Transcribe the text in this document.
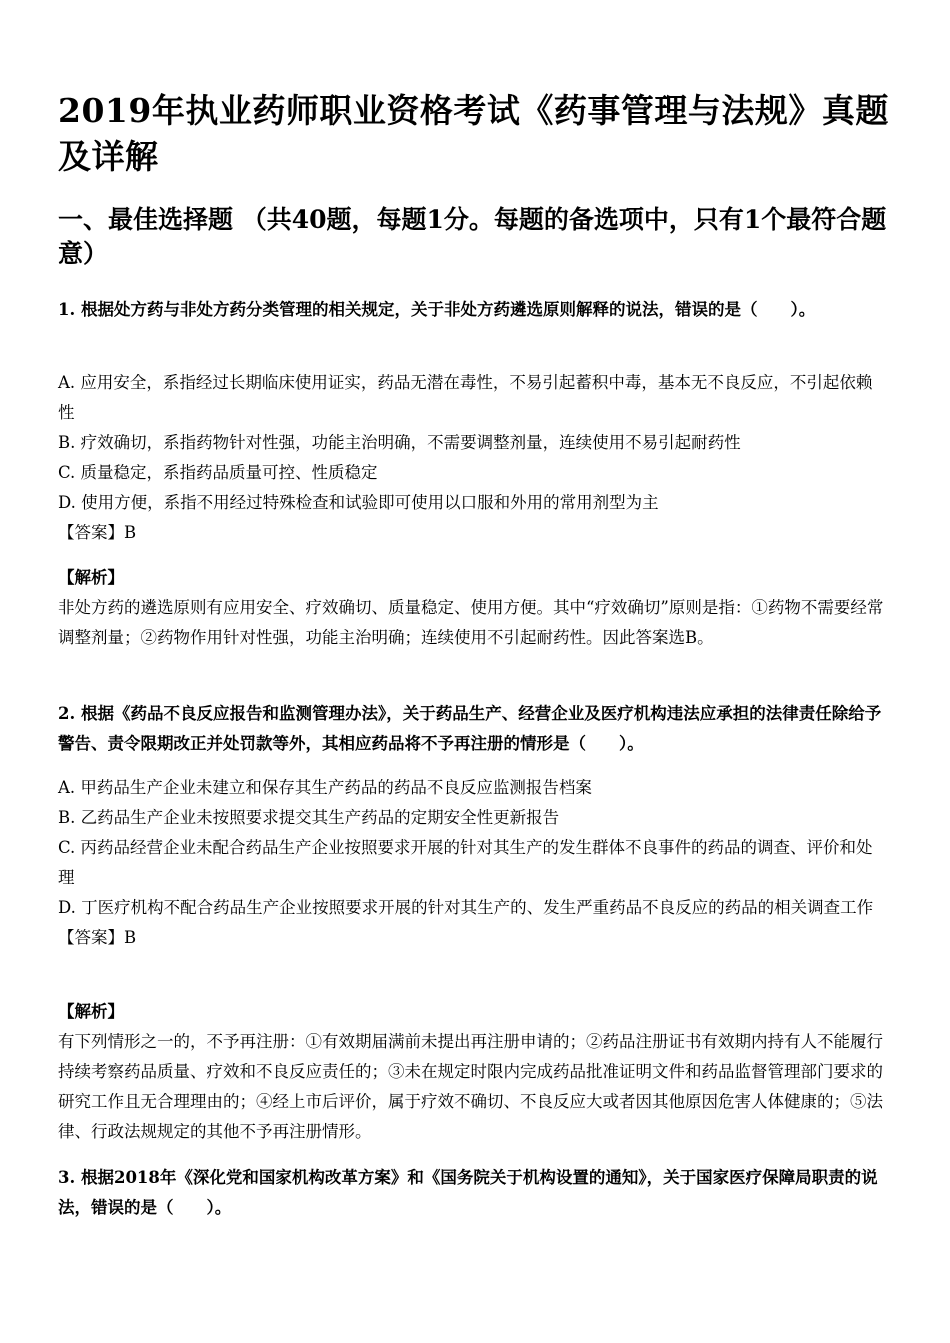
2019年执业药师职业资格考试《药事管理与法规》真题及详解
一、最佳选择题 （共40题，每题1分。每题的备选项中，只有1个最符合题意）

1. 根据处方药与非处方药分类管理的相关规定，关于非处方药遴选原则解释的说法，错误的是（　　）。

A. 应用安全，系指经过长期临床使用证实，药品无潜在毒性，不易引起蓄积中毒，基本无不良反应，不引起依赖性

B. 疗效确切，系指药物针对性强，功能主治明确，不需要调整剂量，连续使用不易引起耐药性

C. 质量稳定，系指药品质量可控、性质稳定

D. 使用方便，系指不用经过特殊检查和试验即可使用以口服和外用的常用剂型为主

【答案】B

【解析】

非处方药的遴选原则有应用安全、疗效确切、质量稳定、使用方便。其中“疗效确切”原则是指：①药物不需要经常调整剂量；②药物作用针对性强，功能主治明确；连续使用不引起耐药性。因此答案选B。

2. 根据《药品不良反应报告和监测管理办法》，关于药品生产、经营企业及医疗机构违法应承担的法律责任除给予警告、责令限期改正并处罚款等外，其相应药品将不予再注册的情形是（　　）。

A. 甲药品生产企业未建立和保存其生产药品的药品不良反应监测报告档案

B. 乙药品生产企业未按照要求提交其生产药品的定期安全性更新报告

C. 丙药品经营企业未配合药品生产企业按照要求开展的针对其生产的发生群体不良事件的药品的调查、评价和处理

D. 丁医疗机构不配合药品生产企业按照要求开展的针对其生产的、发生严重药品不良反应的药品的相关调查工作

【答案】B

【解析】

有下列情形之一的，不予再注册：①有效期届满前未提出再注册申请的；②药品注册证书有效期内持有人不能履行持续考察药品质量、疗效和不良反应责任的；③未在规定时限内完成药品批准证明文件和药品监督管理部门要求的研究工作且无合理理由的；④经上市后评价，属于疗效不确切、不良反应大或者因其他原因危害人体健康的；⑤法律、行政法规规定的其他不予再注册情形。

3. 根据2018年《深化党和国家机构改革方案》和《国务院关于机构设置的通知》，关于国家医疗保障局职责的说法，错误的是（　　）。
